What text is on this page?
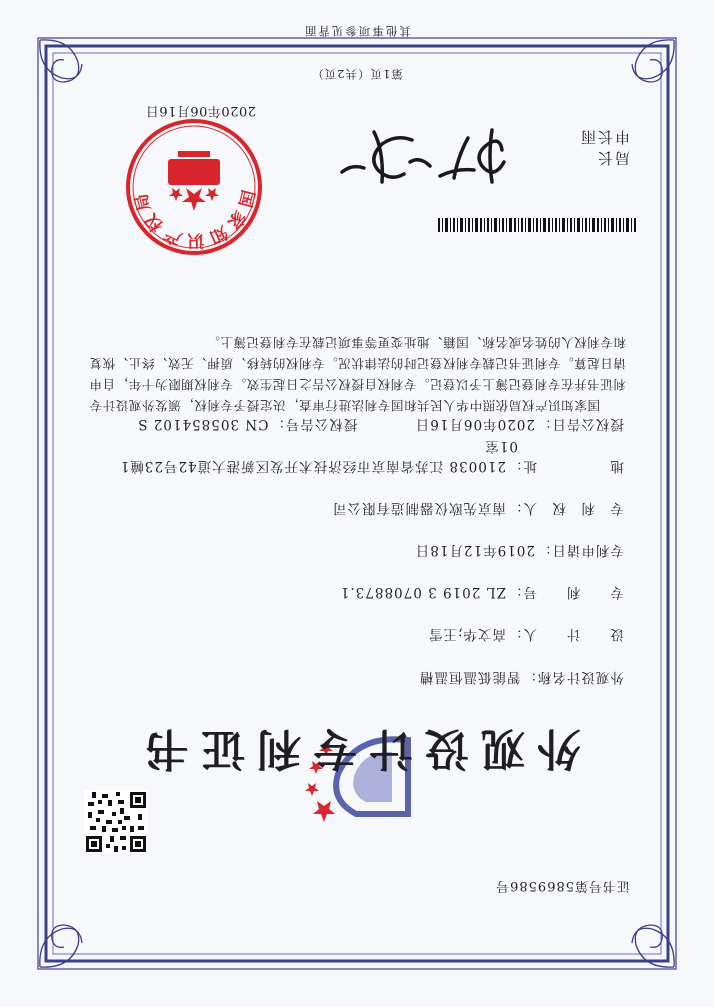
证书号第5869586号
外观设计专利证书
外观设计名称：智能低温恒温槽
设　　计　　人：高文华;王雪
专　　利　　号：ZL 2019 3 0708873.1
专利申请日：2019年12月18日
专　利　权　人：南京先欧仪器制造有限公司
地　　　　　址：210038 江苏省南京市经济技术开发区新港大道42号23幢1
01室
授权公告日：2020年06月16日 授权公告号：CN 305854102 S
国家知识产权局依照中华人民共和国专利法进行审查，决定授予专利权，颁发外观设计专利证书并在专利登记簿上予以登记。专利权自授权公告之日起生效。专利权期限为十年，自申请日起算。专利证书记载专利权登记时的法律状况。专利权的转移、质押、无效、终止、恢复和专利权人的姓名或名称、国籍、地址变更等事项记载在专利登记簿上。
局长
申长雨
国家知识产权局
2020年06月16日
第1页（共2页）
其他事项参见背面
